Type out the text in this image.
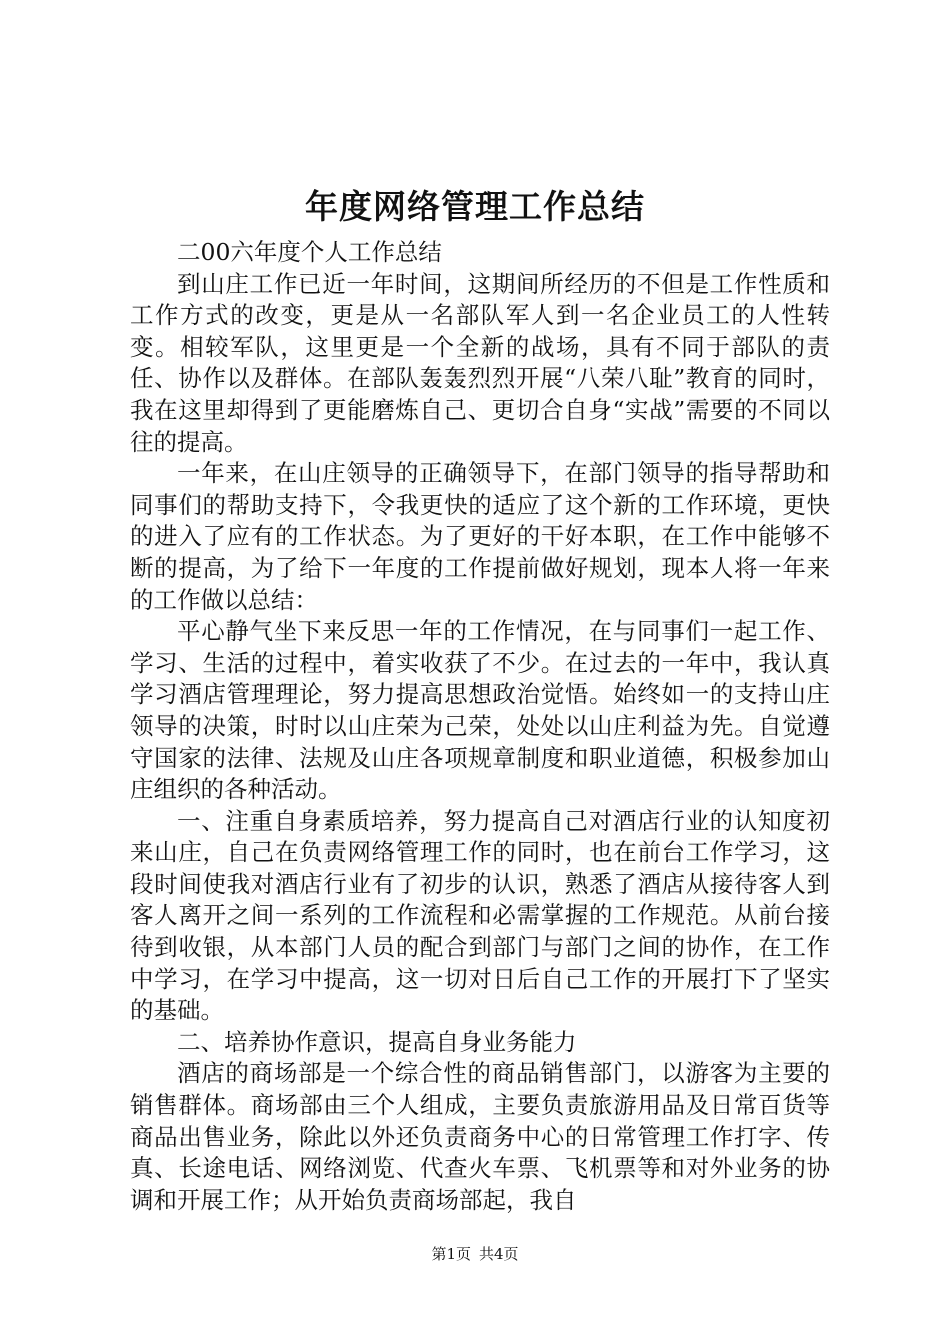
年度网络管理工作总结

二00六年度个人工作总结

到山庄工作已近一年时间，这期间所经历的不但是工作性质和工作方式的改变，更是从一名部队军人到一名企业员工的人性转变。相较军队，这里更是一个全新的战场，具有不同于部队的责任、协作以及群体。在部队轰轰烈烈开展“八荣八耻”教育的同时，我在这里却得到了更能磨炼自己、更切合自身“实战”需要的不同以往的提高。

一年来，在山庄领导的正确领导下，在部门领导的指导帮助和同事们的帮助支持下，令我更快的适应了这个新的工作环境，更快的进入了应有的工作状态。为了更好的干好本职，在工作中能够不断的提高，为了给下一年度的工作提前做好规划，现本人将一年来的工作做以总结：

平心静气坐下来反思一年的工作情况，在与同事们一起工作、学习、生活的过程中，着实收获了不少。在过去的一年中，我认真学习酒店管理理论，努力提高思想政治觉悟。始终如一的支持山庄领导的决策，时时以山庄荣为己荣，处处以山庄利益为先。自觉遵守国家的法律、法规及山庄各项规章制度和职业道德，积极参加山庄组织的各种活动。

一、注重自身素质培养，努力提高自己对酒店行业的认知度初来山庄，自己在负责网络管理工作的同时，也在前台工作学习，这段时间使我对酒店行业有了初步的认识，熟悉了酒店从接待客人到客人离开之间一系列的工作流程和必需掌握的工作规范。从前台接待到收银，从本部门人员的配合到部门与部门之间的协作，在工作中学习，在学习中提高，这一切对日后自己工作的开展打下了坚实的基础。

二、培养协作意识，提高自身业务能力

酒店的商场部是一个综合性的商品销售部门，以游客为主要的销售群体。商场部由三个人组成，主要负责旅游用品及日常百货等商品出售业务，除此以外还负责商务中心的日常管理工作打字、传真、长途电话、网络浏览、代查火车票、飞机票等和对外业务的协调和开展工作；从开始负责商场部起，我自

第1页 共4页
